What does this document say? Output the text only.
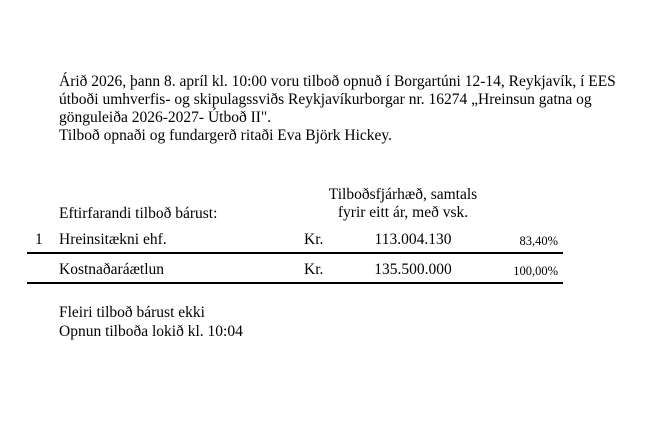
Árið 2026, þann 8. apríl kl. 10:00 voru tilboð opnuð í Borgartúni 12-14, Reykjavík, í EES
útboði umhverfis- og skipulagssviðs Reykjavíkurborgar nr. 16274 „Hreinsun gatna og
gönguleiða 2026-2027- Útboð II".
Tilboð opnaði og fundargerð ritaði Eva Björk Hickey.
Tilboðsfjárhæð, samtals
fyrir eitt ár, með vsk.
Eftirfarandi tilboð bárust:
1 Hreinsitækni ehf.	Kr.	113.004.130	83,40%
Kostnaðaráætlun	Kr.	135.500.000	100,00%
Fleiri tilboð bárust ekki
Opnun tilboða lokið kl. 10:04
